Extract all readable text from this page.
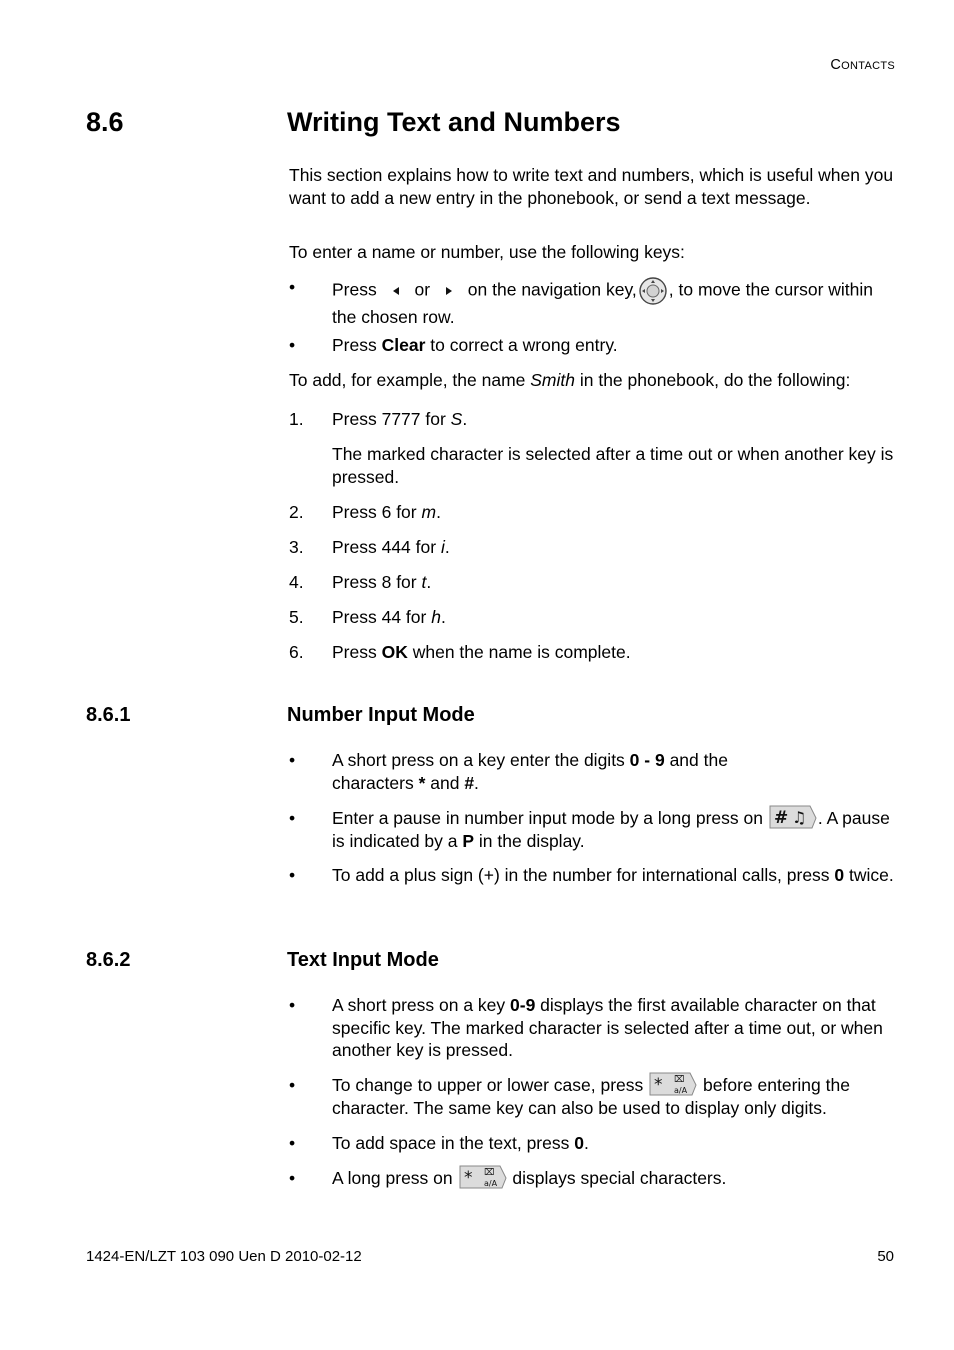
CONTACTS
8.6	Writing Text and Numbers
This section explains how to write text and numbers, which is useful when you want to add a new entry in the phonebook, or send a text message.
To enter a name or number, use the following keys:
• Press or on the navigation key, , to move the cursor within the chosen row.
• Press Clear to correct a wrong entry.
To add, for example, the name Smith in the phonebook, do the following:
1. Press 7777 for S.
The marked character is selected after a time out or when another key is pressed.
2. Press 6 for m.
3. Press 444 for i.
4. Press 8 for t.
5. Press 44 for h.
6. Press OK when the name is complete.
8.6.1	Number Input Mode
• A short press on a key enter the digits 0 - 9 and the characters * and #.
• Enter a pause in number input mode by a long press on # ♫ . A pause is indicated by a P in the display.
• To add a plus sign (+) in the number for international calls, press 0 twice.
8.6.2	Text Input Mode
• A short press on a key 0-9 displays the first available character on that specific key. The marked character is selected after a time out, or when another key is pressed.
• To change to upper or lower case, press * ⌧
a/A before entering the character. The same key can also be used to display only digits.
• To add space in the text, press 0.
• A long press on * ⌧
a/A displays special characters.
1424-EN/LZT 103 090 Uen D 2010-02-12	50
